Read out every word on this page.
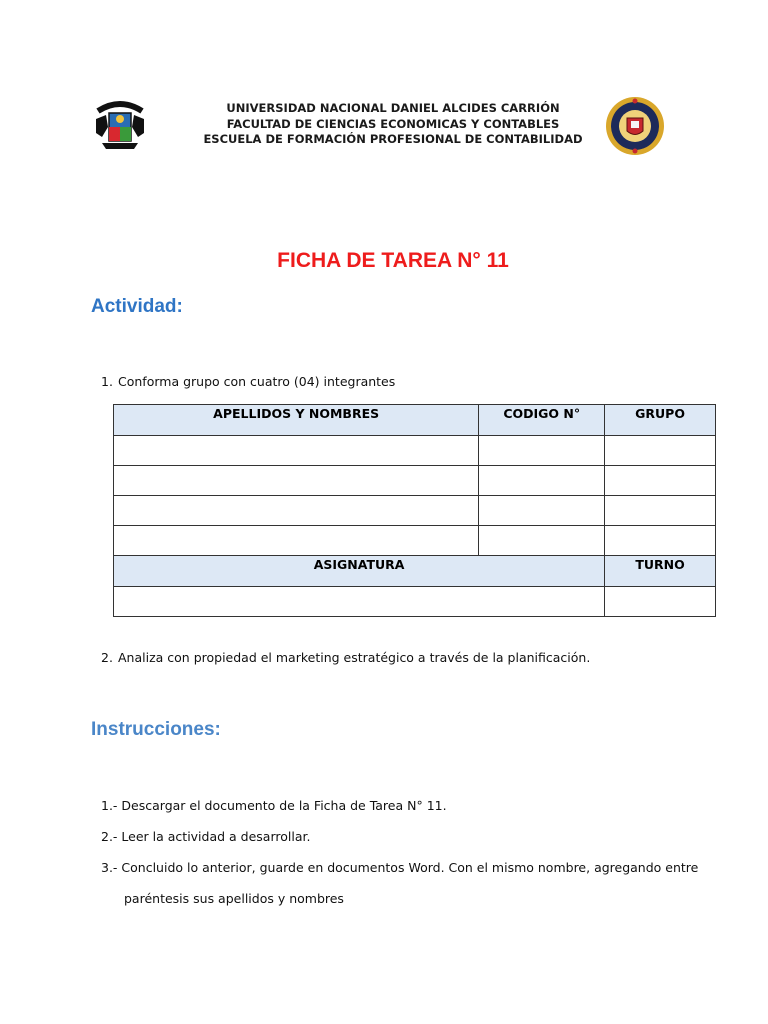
UNIVERSIDAD NACIONAL DANIEL ALCIDES CARRIÓN
FACULTAD DE CIENCIAS ECONOMICAS Y CONTABLES
ESCUELA DE FORMACIÓN PROFESIONAL DE CONTABILIDAD
FICHA DE TAREA N° 11
Actividad:
1. Conforma grupo con cuatro (04) integrantes
APELLIDOS Y NOMBRES	CODIGO N°	GRUPO

ASIGNATURA		TURNO

2. Analiza con propiedad el marketing estratégico a través de la planificación.
Instrucciones:
1.- Descargar el documento de la Ficha de Tarea N° 11.
2.- Leer la actividad a desarrollar.
3.- Concluido lo anterior, guarde en documentos Word. Con el mismo nombre, agregando entre
paréntesis sus apellidos y nombres
